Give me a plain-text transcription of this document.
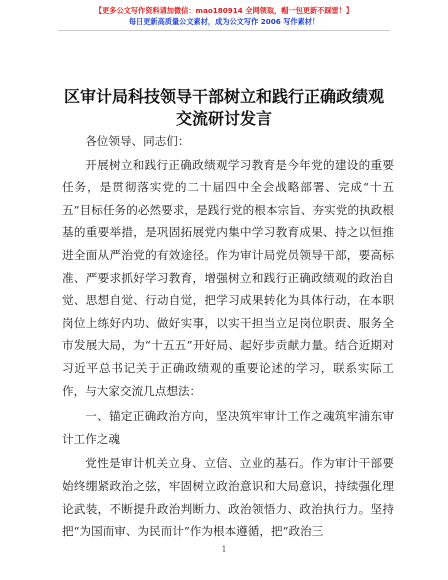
【更多公文写作资料请加微信：mao180914 全网领取，帽一包更新不踩雷！】
每日更新高质量公文素材，成为公文写作 2006 写作素材！
区审计局科技领导干部树立和践行正确政绩观
交流研讨发言

各位领导、同志们：

开展树立和践行正确政绩观学习教育是今年党的建设的重要任务，是贯彻落实党的二十届四中全会战略部署、完成“十五五”目标任务的必然要求，是践行党的根本宗旨、夯实党的执政根基的重要举措，是巩固拓展党内集中学习教育成果、持之以恒推进全面从严治党的有效途径。作为审计局党员领导干部，要高标准、严要求抓好学习教育，增强树立和践行正确政绩观的政治自觉、思想自觉、行动自觉，把学习成果转化为具体行动，在本职岗位上练好内功、做好实事，以实干担当立足岗位职责、服务全市发展大局，为“十五五”开好局、起好步贡献力量。结合近期对习近平总书记关于正确政绩观的重要论述的学习，联系实际工作，与大家交流几点想法：

一、锚定正确政治方向，坚决筑牢审计工作之魂筑牢浦东审计工作之魂

党性是审计机关立身、立信、立业的基石。作为审计干部要始终绷紧政治之弦，牢固树立政治意识和大局意识，持续强化理论武装，不断提升政治判断力、政治领悟力、政治执行力。坚持把“为国而审、为民而计”作为根本遵循，把“政治三

1
